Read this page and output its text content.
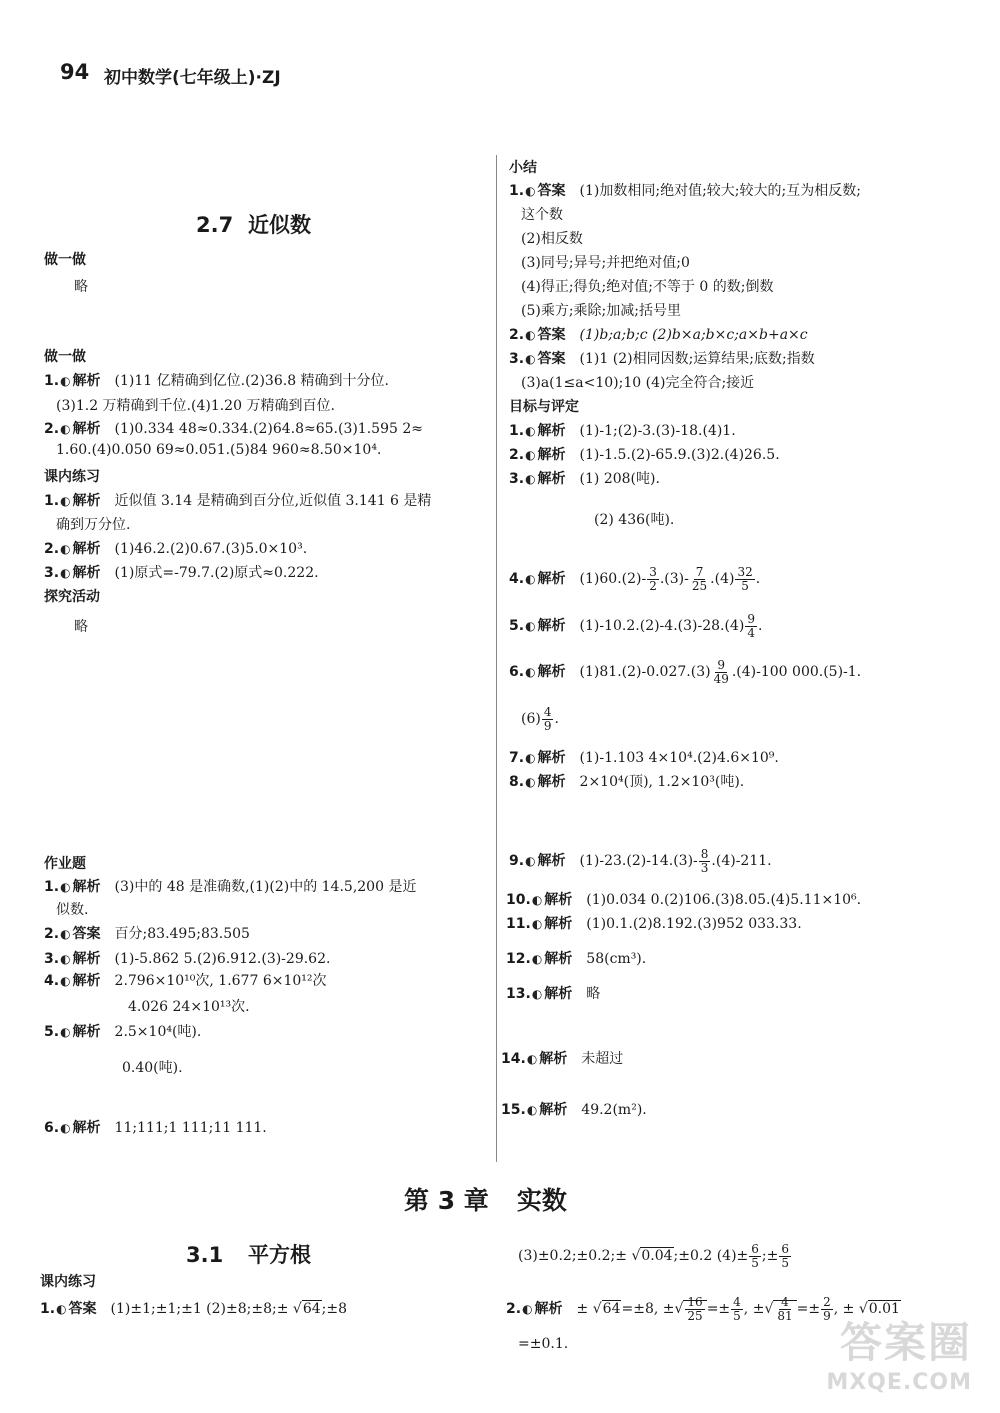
94 初中数学(七年级上)·ZJ
2.7 近似数
做一做
略
做一做
1.◐ 解析 (1)11 亿精确到亿位.(2)36.8 精确到十分位.
(3)1.2 万精确到千位.(4)1.20 万精确到百位.
2.◐ 解析 (1)0.334 48≈0.334.(2)64.8≈65.(3)1.595 2≈
1.60.(4)0.050 69≈0.051.(5)84 960≈8.50×10⁴.
课内练习
1.◐ 解析 近似值 3.14 是精确到百分位,近似值 3.141 6 是精
确到万分位.
2.◐ 解析 (1)46.2.(2)0.67.(3)5.0×10³.
3.◐ 解析 (1)原式=-79.7.(2)原式≈0.222.
探究活动
略
作业题
1.◐ 解析 (3)中的 48 是准确数,(1)(2)中的 14.5,200 是近
似数.
2.◐ 答案 百分;83.495;83.505
3.◐ 解析 (1)-5.862 5.(2)6.912.(3)-29.62.
4.◐ 解析 2.796×10¹⁰次, 1.677 6×10¹²次
4.026 24×10¹³次.
5.◐ 解析 2.5×10⁴(吨).
0.40(吨).
6.◐ 解析 11;111;1 111;11 111.
小结
1.◐ 答案 (1)加数相同;绝对值;较大;较大的;互为相反数;
这个数
(2)相反数
(3)同号;异号;并把绝对值;0
(4)得正;得负;绝对值;不等于 0 的数;倒数
(5)乘方;乘除;加减;括号里
2.◐ 答案 (1)b;a;b;c (2)b×a;b×c;a×b+a×c
3.◐ 答案 (1)1 (2)相同因数;运算结果;底数;指数
(3)a(1≤a<10);10 (4)完全符合;接近
目标与评定
1.◐ 解析 (1)-1;(2)-3.(3)-18.(4)1.
2.◐ 解析 (1)-1.5.(2)-65.9.(3)2.(4)26.5.
3.◐ 解析 (1) 208(吨).
(2) 436(吨).
4.◐ 解析 $(1)60.(2)- \frac{3}{2} .(3)- \frac{7}{25} .(4) \frac{32}{5}$ .
5.◐ 解析 $(1)-10.2.(2)-4.(3)-28.(4) \frac{9}{4}$ .
6.◐ 解析 $(1)81.(2)-0.027.(3) \frac{9}{49} .(4)-100$ 000.(5)-1.
$(6) \frac{4}{9}$ .
7.◐ 解析 (1)-1.103 4×10⁴.(2)4.6×10⁹.
8.◐ 解析 2×10⁴(顶), 1.2×10³(吨).
9.◐ 解析 $(1)-23.(2)-14.(3)- \frac{8}{3} .(4)-211$.
10.◐ 解析 (1)0.034 0.(2)106.(3)8.05.(4)5.11×10⁶.
11.◐ 解析 (1)0.1.(2)8.192.(3)952 033.33.
12.◐ 解析 58(cm³).
13.◐ 解析 略
14.◐ 解析 未超过
15.◐ 解析 49.2(m²).
第 3 章 实数
3.1 平方根
课内练习
1.◐ 答案 (1)±1;±1;±1 (2)±8;±8;± √64;±8
(3)±0.2;±0.2;± √0.04;±0.2 $(4)\pm \frac{6}{5}$ ;± $\frac{6}{5}$
2.◐ 解析 ± √64=±8, ±√ $\frac{16}{25} =\pm \frac{4}{5}$ , ±√ $\frac{4}{81} =\pm \frac{2}{9}$ , ± √0.01
=±0.1.	答案圈
MXQE.COM
